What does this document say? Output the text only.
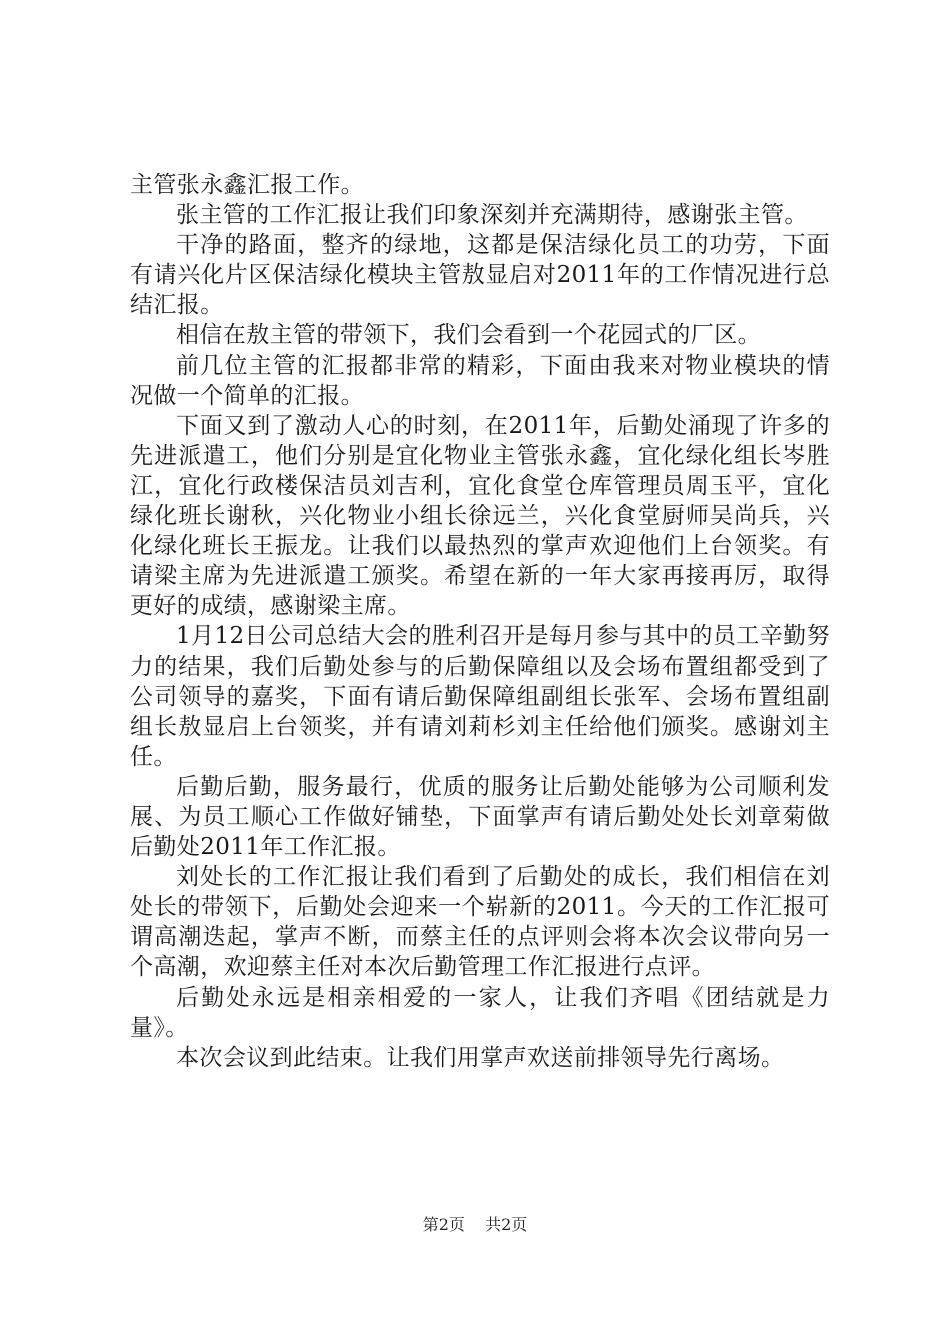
主管张永鑫汇报工作。

张主管的工作汇报让我们印象深刻并充满期待，感谢张主管。

干净的路面，整齐的绿地，这都是保洁绿化员工的功劳，下面有请兴化片区保洁绿化模块主管敖显启对2011年的工作情况进行总结汇报。

相信在敖主管的带领下，我们会看到一个花园式的厂区。

前几位主管的汇报都非常的精彩，下面由我来对物业模块的情况做一个简单的汇报。

下面又到了激动人心的时刻，在2011年，后勤处涌现了许多的先进派遣工，他们分别是宜化物业主管张永鑫，宜化绿化组长岑胜江，宜化行政楼保洁员刘吉利，宜化食堂仓库管理员周玉平，宜化绿化班长谢秋，兴化物业小组长徐远兰，兴化食堂厨师吴尚兵，兴化绿化班长王振龙。让我们以最热烈的掌声欢迎他们上台领奖。有请梁主席为先进派遣工颁奖。希望在新的一年大家再接再厉，取得更好的成绩，感谢梁主席。

1月12日公司总结大会的胜利召开是每月参与其中的员工辛勤努力的结果，我们后勤处参与的后勤保障组以及会场布置组都受到了公司领导的嘉奖，下面有请后勤保障组副组长张军、会场布置组副组长敖显启上台领奖，并有请刘莉杉刘主任给他们颁奖。感谢刘主任。

后勤后勤，服务最行，优质的服务让后勤处能够为公司顺利发展、为员工顺心工作做好铺垫，下面掌声有请后勤处处长刘章菊做后勤处2011年工作汇报。

刘处长的工作汇报让我们看到了后勤处的成长，我们相信在刘处长的带领下，后勤处会迎来一个崭新的2011。今天的工作汇报可谓高潮迭起，掌声不断，而蔡主任的点评则会将本次会议带向另一个高潮，欢迎蔡主任对本次后勤管理工作汇报进行点评。

后勤处永远是相亲相爱的一家人，让我们齐唱《团结就是力量》。

本次会议到此结束。让我们用掌声欢送前排领导先行离场。

第2页 共2页
